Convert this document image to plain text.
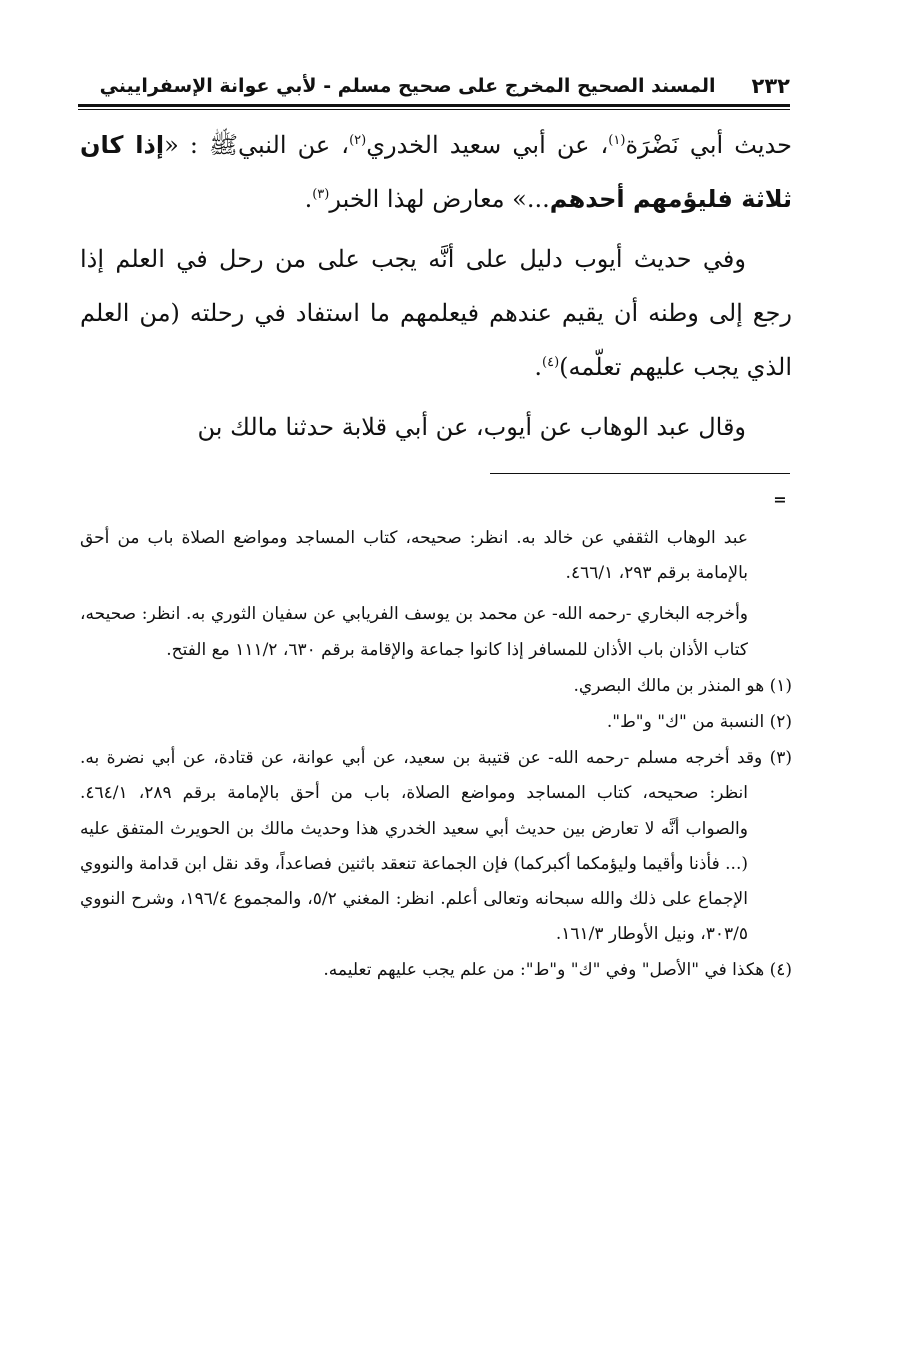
٢٣٢
المسند الصحيح المخرج على صحيح مسلم - لأبي عوانة الإسفراييني

حديث أبي نَضْرَة$^{(١)}$، عن أبي سعيد الخدري$^{(٢)}$، عن النبيﷺ : «إذا كان ثلاثة فليؤمهم أحدهم...» معارض لهذا الخبر$^{(٣)}$.

وفي حديث أيوب دليل على أنَّه يجب على من رحل في العلم إذا رجع إلى وطنه أن يقيم عندهم فيعلمهم ما استفاد في رحلته (من العلم الذي يجب عليهم تعلّمه)$^{(٤)}$.

وقال عبد الوهاب عن أيوب، عن أبي قلابة حدثنا مالك بن

=

عبد الوهاب الثقفي عن خالد به. انظر: صحيحه، كتاب المساجد ومواضع الصلاة باب من أحق بالإمامة برقم ٢٩٣، ٤٦٦/١.

وأخرجه البخاري -رحمه الله- عن محمد بن يوسف الفريابي عن سفيان الثوري به. انظر: صحيحه، كتاب الأذان باب الأذان للمسافر إذا كانوا جماعة والإقامة برقم ٦٣٠، ١١١/٢ مع الفتح.

(١) هو المنذر بن مالك البصري.

(٢) النسبة من "ك" و"ط".

(٣) وقد أخرجه مسلم -رحمه الله- عن قتيبة بن سعيد، عن أبي عوانة، عن قتادة، عن أبي نضرة به. انظر: صحيحه، كتاب المساجد ومواضع الصلاة، باب من أحق بالإمامة برقم ٢٨٩، ٤٦٤/١. والصواب أنَّه لا تعارض بين حديث أبي سعيد الخدري هذا وحديث مالك بن الحويرث المتفق عليه (... فأذنا وأقيما وليؤمكما أكبركما) فإن الجماعة تنعقد باثنين فصاعداً، وقد نقل ابن قدامة والنووي الإجماع على ذلك والله سبحانه وتعالى أعلم. انظر: المغني ٥/٢، والمجموع ١٩٦/٤، وشرح النووي ٣٠٣/٥، ونيل الأوطار ١٦١/٣.

(٤) هكذا في "الأصل" وفي "ك" و"ط": من علم يجب عليهم تعليمه.
